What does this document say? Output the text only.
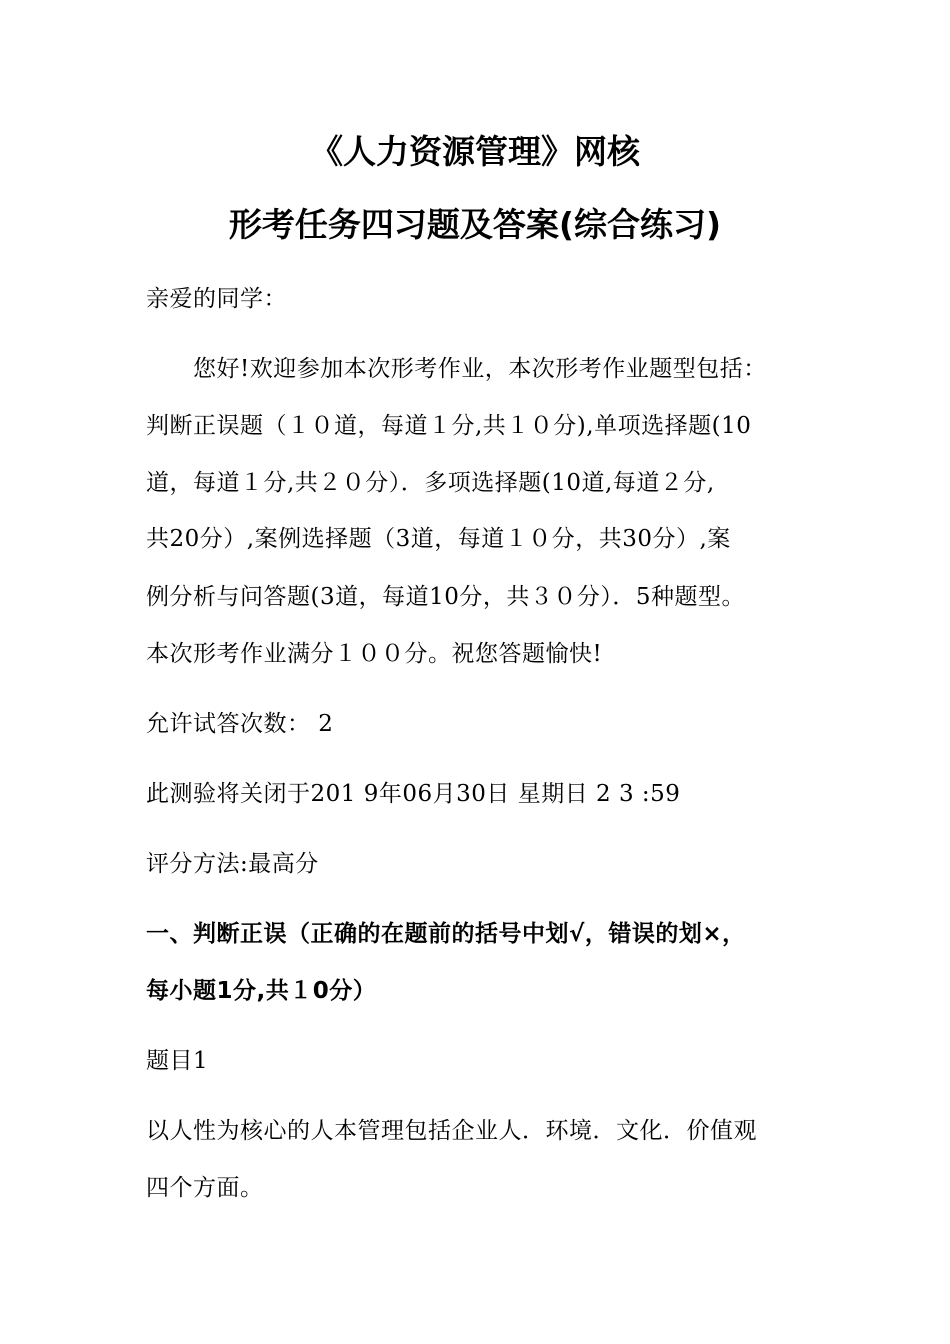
《人力资源管理》网核
形考任务四习题及答案(综合练习)

亲爱的同学：

　　您好!欢迎参加本次形考作业，本次形考作业题型包括：

判断正误题（１０道，每道１分,共１０分),单项选择题(10

道，每道１分,共２０分）．多项选择题(10道,每道２分,

共20分）,案例选择题（3道，每道１０分，共30分）,案

例分析与问答题(3道，每道10分，共３０分）．5种题型。

本次形考作业满分１００分。祝您答题愉快!

允许试答次数： 2

此测验将关闭于201 9年06月30日 星期日 2 3 :59

评分方法:最高分

一、判断正误（正确的在题前的括号中划√，错误的划×，

每小题1分,共１0分）

题目1

以人性为核心的人本管理包括企业人．环境．文化．价值观

四个方面。
